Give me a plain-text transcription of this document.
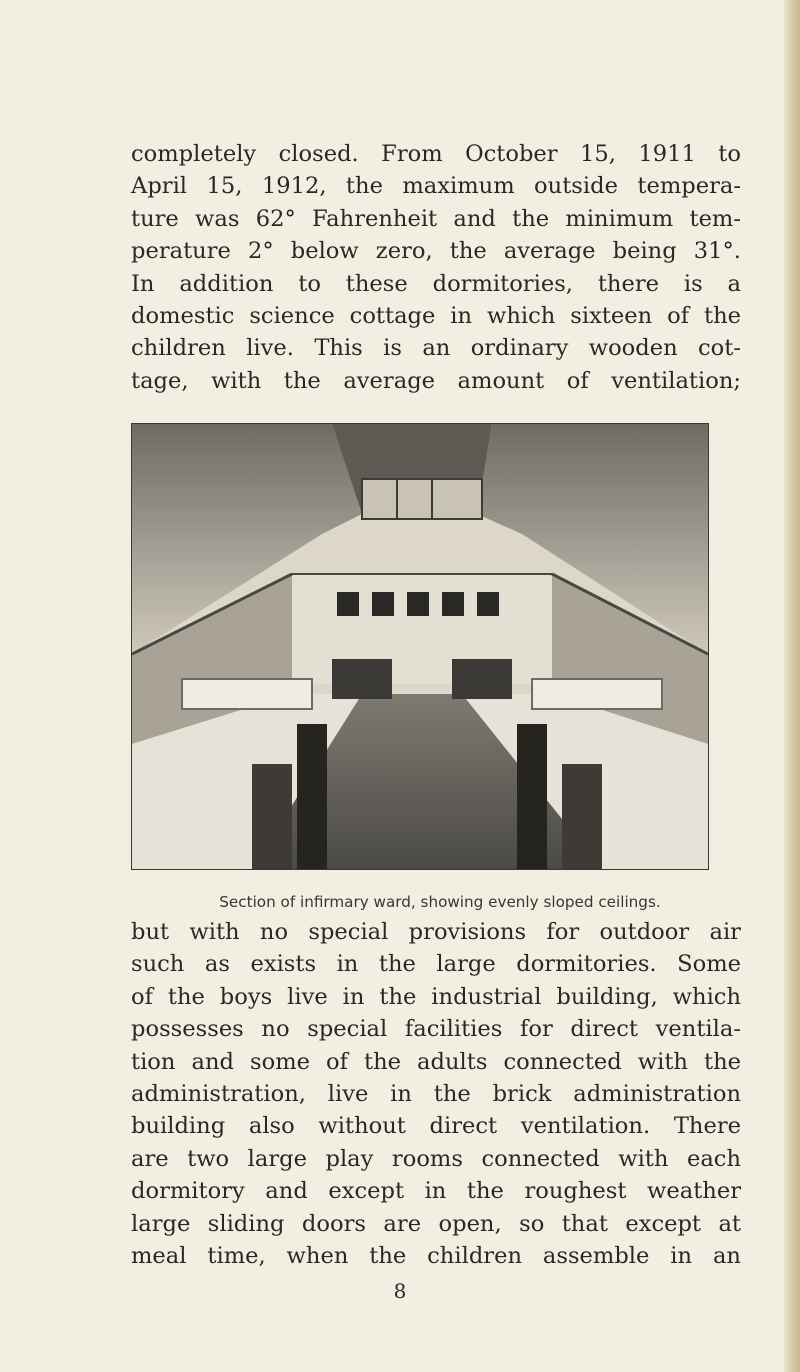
completely closed. From October 15, 1911 to
April 15, 1912, the maximum outside tempera-
ture was 62° Fahrenheit and the minimum tem-
perature 2° below zero, the average being 31°.
In addition to these dormitories, there is a
domestic science cottage in which sixteen of the
children live. This is an ordinary wooden cot-
tage, with the average amount of ventilation;
Section of infirmary ward, showing evenly sloped ceilings.
but with no special provisions for outdoor air
such as exists in the large dormitories. Some
of the boys live in the industrial building, which
possesses no special facilities for direct ventila-
tion and some of the adults connected with the
administration, live in the brick administration
building also without direct ventilation. There
are two large play rooms connected with each
dormitory and except in the roughest weather
large sliding doors are open, so that except at
meal time, when the children assemble in an
8
